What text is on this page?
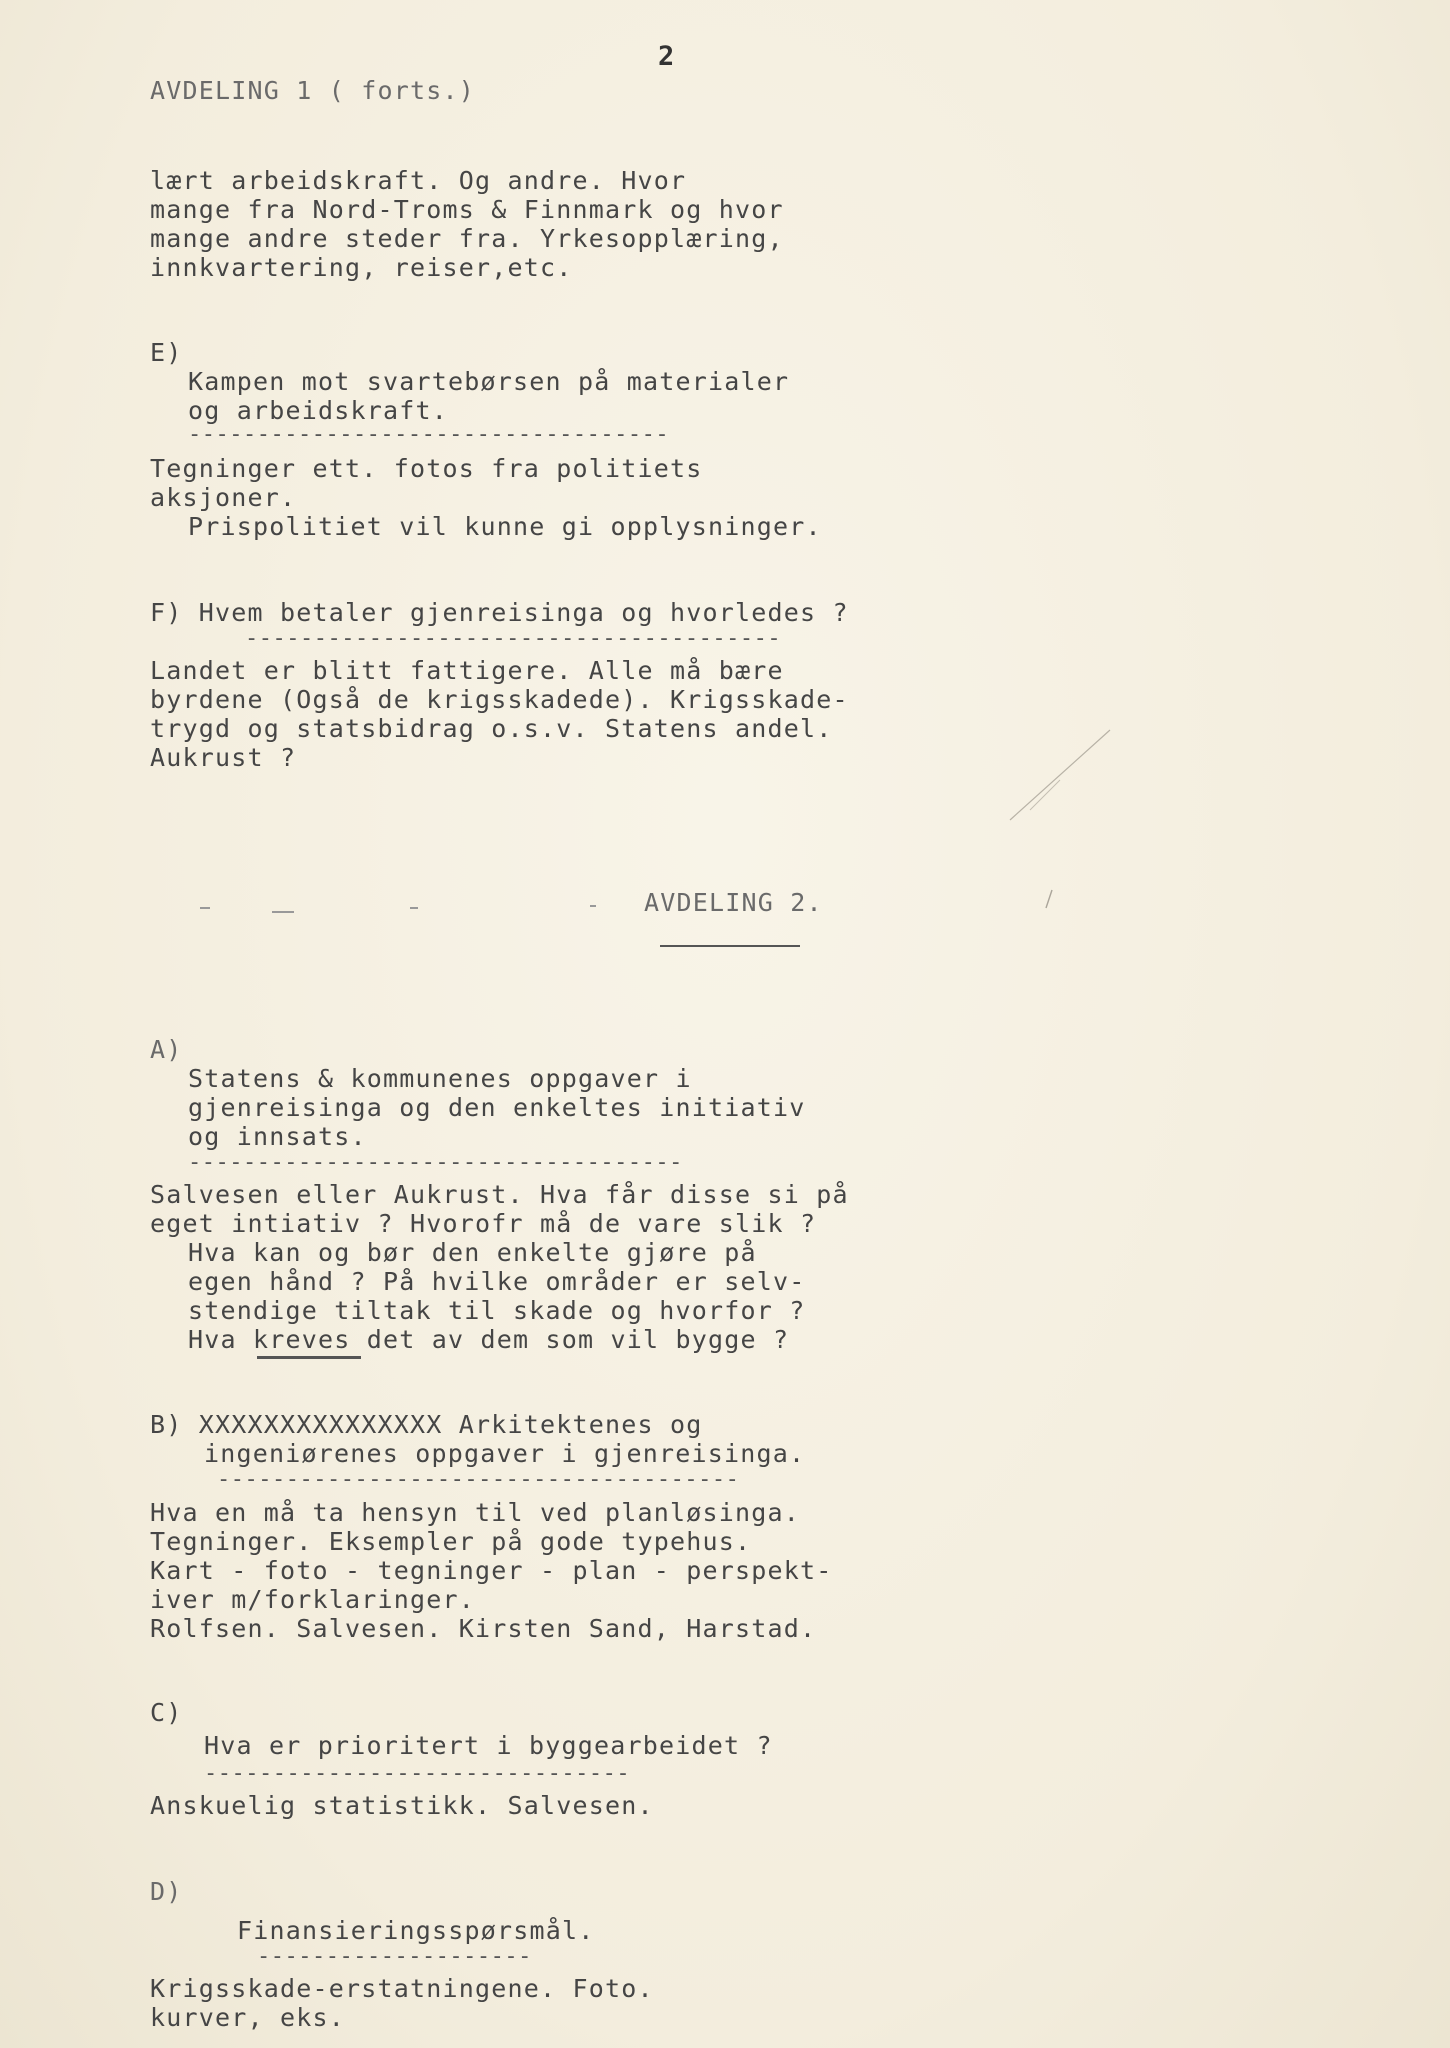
2
AVDELING 1 ( forts.)
lært arbeidskraft. Og andre. Hvor
mange fra Nord-Troms & Finnmark og hvor
mange andre steder fra. Yrkesopplæring,
innkvartering, reiser,etc.
E)
Kampen mot svartebørsen på materialer
og arbeidskraft.
-----------------------------------
Tegninger ett. fotos fra politiets
aksjoner.
Prispolitiet vil kunne gi opplysninger.
F) Hvem betaler gjenreisinga og hvorledes ?
---------------------------------------
Landet er blitt fattigere. Alle må bære
byrdene (Også de krigsskadede). Krigsskade-
trygd og statsbidrag o.s.v. Statens andel.
Aukrust ?
AVDELING 2.
A)
Statens & kommunenes oppgaver i
gjenreisinga og den enkeltes initiativ
og innsats.
------------------------------------
Salvesen eller Aukrust. Hva får disse si på
eget intiativ ? Hvorofr må de vare slik ?
Hva kan og bør den enkelte gjøre på
egen hånd ? På hvilke områder er selv-
stendige tiltak til skade og hvorfor ?
Hva kreves det av dem som vil bygge ?
B) XXXXXXXXXXXXXXX Arkitektenes og
ingeniørenes oppgaver i gjenreisinga.
--------------------------------------
Hva en må ta hensyn til ved planløsinga.
Tegninger. Eksempler på gode typehus.
Kart - foto - tegninger - plan - perspekt-
iver m/forklaringer.
Rolfsen. Salvesen. Kirsten Sand, Harstad.
C)
Hva er prioritert i byggearbeidet ?
-------------------------------
Anskuelig statistikk. Salvesen.
D)
Finansieringsspørsmål.
--------------------
Krigsskade-erstatningene. Foto.
kurver, eks.
